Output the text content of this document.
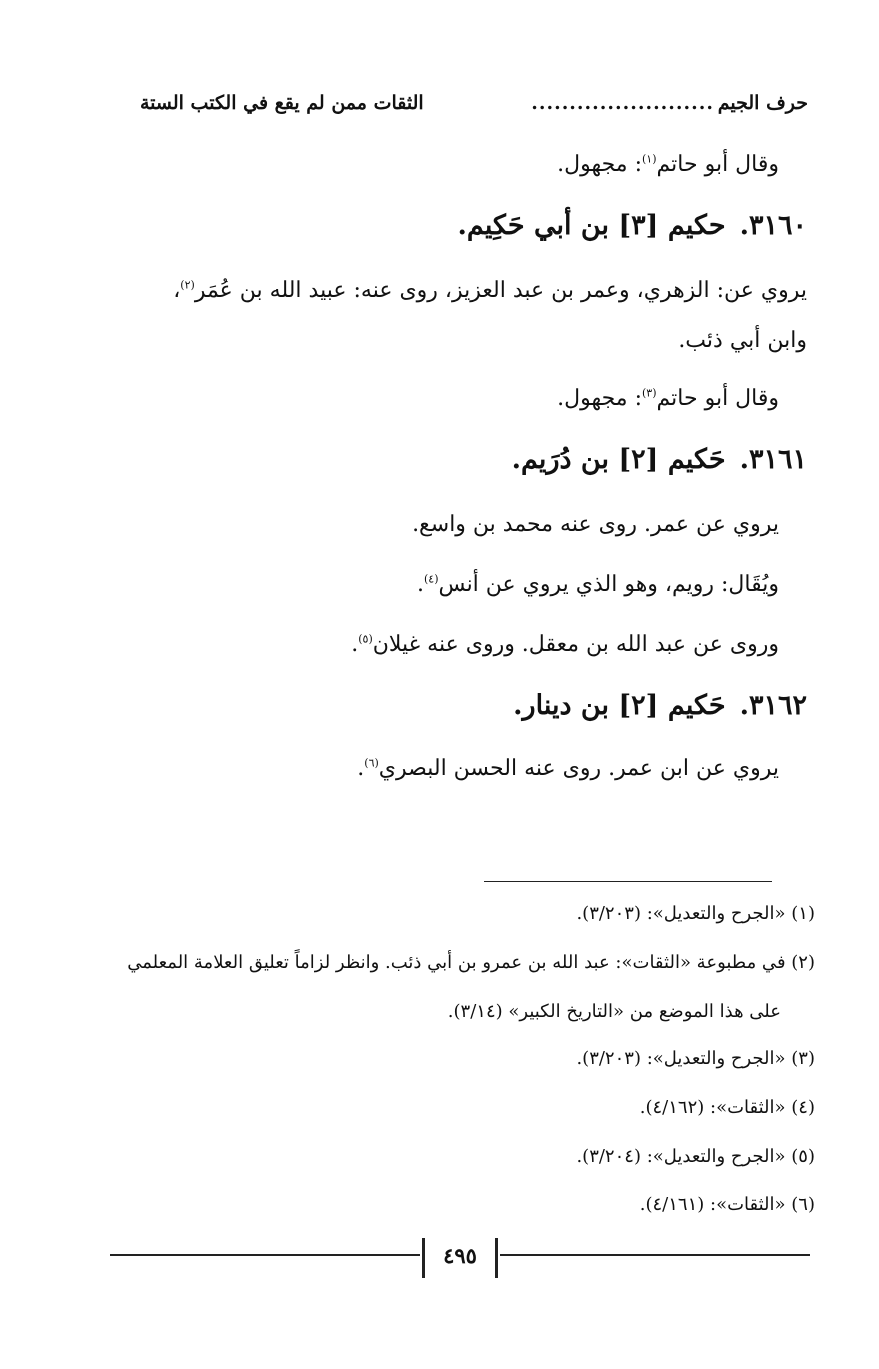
حرف الجيم
........................
الثقات ممن لم يقع في الكتب الستة
وقال أبو حاتم$^{(١)}$: مجهول.
٣١٦٠.حكيم [٣] بن أبي حَكِيم.
يروي عن: الزهري، وعمر بن عبد العزيز، روى عنه: عبيد الله بن عُمَر$^{(٢)}$،
وابن أبي ذئب.
وقال أبو حاتم$^{(٣)}$: مجهول.
٣١٦١.حَكيم [٢] بن دُرَيم.
يروي عن عمر. روى عنه محمد بن واسع.
ويُقَال: رويم، وهو الذي يروي عن أنس$^{(٤)}$.
وروى عن عبد الله بن معقل. وروى عنه غيلان$^{(٥)}$.
٣١٦٢.حَكيم [٢] بن دينار.
يروي عن ابن عمر. روى عنه الحسن البصري$^{(٦)}$.
(١) «الجرح والتعديل»: (٣/٢٠٣).
(٢) في مطبوعة «الثقات»: عبد الله بن عمرو بن أبي ذئب. وانظر لزاماً تعليق العلامة المعلمي
على هذا الموضع من «التاريخ الكبير» (٣/١٤).
(٣) «الجرح والتعديل»: (٣/٢٠٣).
(٤) «الثقات»: (٤/١٦٢).
(٥) «الجرح والتعديل»: (٣/٢٠٤).
(٦) «الثقات»: (٤/١٦١).
٤٩٥
